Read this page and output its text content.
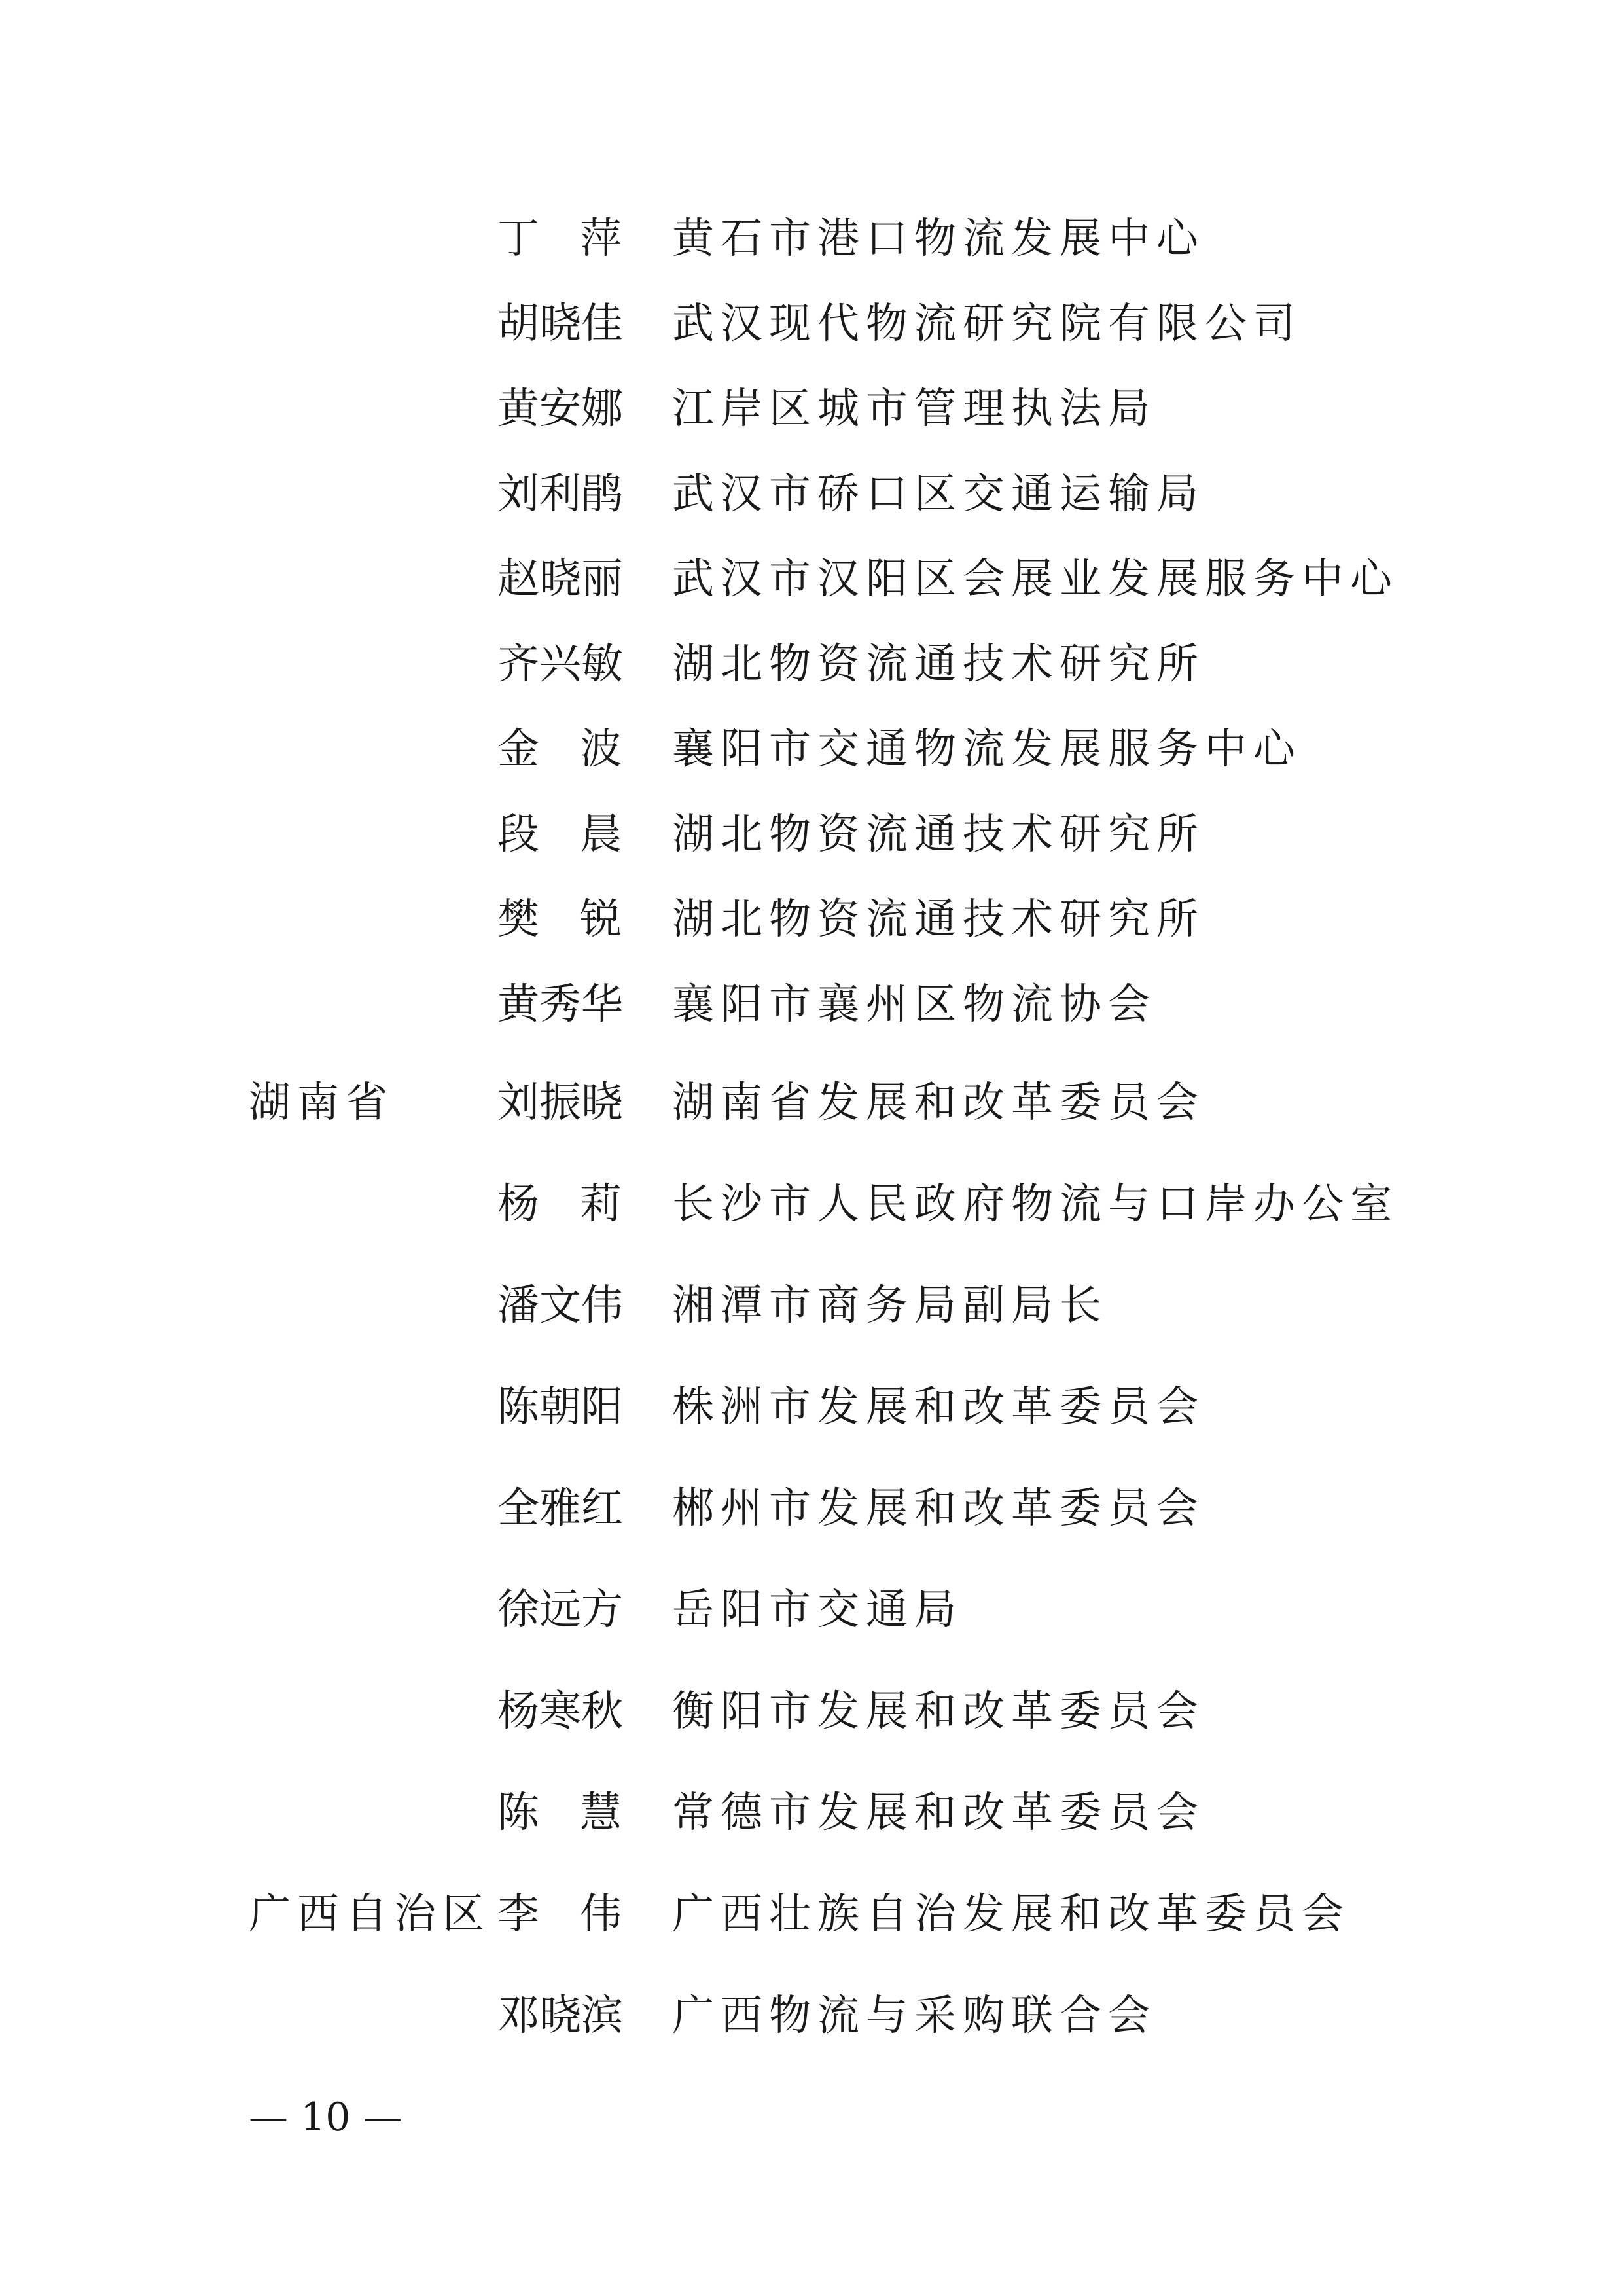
丁 萍 黄石市港口物流发展中心
胡 晓 佳 武汉现代物流研究院有限公司
黄 安 娜 江岸区城市管理执法局
刘 利 鹃 武汉市硚口区交通运输局
赵 晓 丽 武汉市汉阳区会展业发展服务中心
齐 兴 敏 湖北物资流通技术研究所
金 波 襄阳市交通物流发展服务中心
段 晨 湖北物资流通技术研究所
樊 锐 湖北物资流通技术研究所
黄 秀 华 襄阳市襄州区物流协会
湖南省 刘 振 晓 湖南省发展和改革委员会
杨 莉 长沙市人民政府物流与口岸办公室
潘 文 伟 湘潭市商务局副局长
陈 朝 阳 株洲市发展和改革委员会
全 雅 红 郴州市发展和改革委员会
徐 远 方 岳阳市交通局
杨 寒 秋 衡阳市发展和改革委员会
陈 慧 常德市发展和改革委员会
广西自治区 李 伟 广西壮族自治发展和改革委员会
邓 晓 滨 广西物流与采购联合会
— 10 —
